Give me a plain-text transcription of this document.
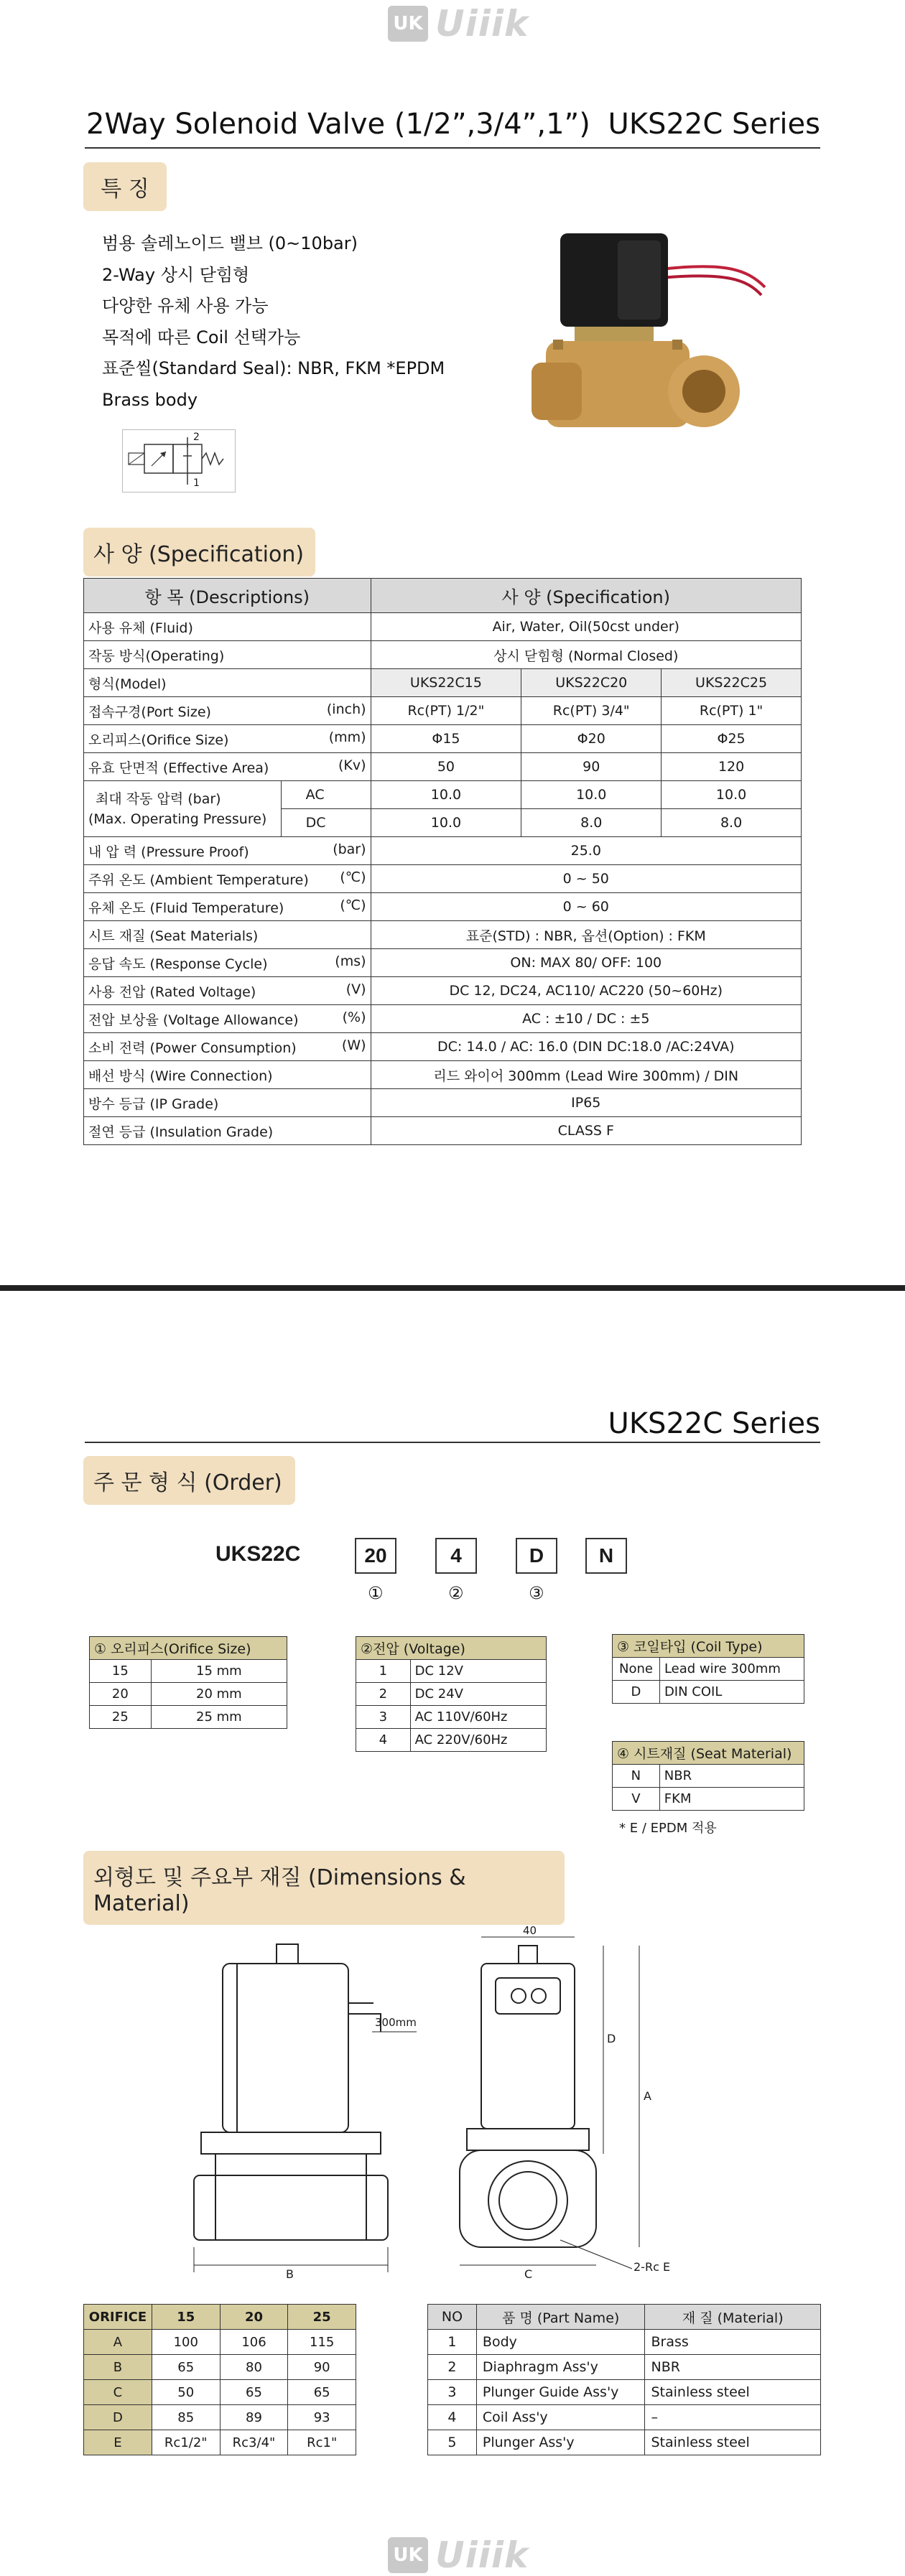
UK Uiiik
2Way Solenoid Valve (1/2”,3/4”,1”) UKS22C Series
특 징
범용 솔레노이드 밸브 (0~10bar)
2-Way 상시 닫힘형
다양한 유체 사용 가능
목적에 따른 Coil 선택가능
표준씰(Standard Seal): NBR, FKM *EPDM
Brass body
2
1
사 양 (Specification)
항 목 (Descriptions)		사 양 (Specification)		
사용 유체 (Fluid)		Air, Water, Oil(50cst under)		
작동 방식(Operating)		상시 닫힘형 (Normal Closed)		
형식(Model)		UKS22C15	UKS22C20	UKS22C25

접속구경(Port Size) (inch)		Rc(PT) 1/2"	Rc(PT) 3/4"	Rc(PT) 1"

오리피스(Orifice Size) (mm)		Φ15	Φ20	Φ25

유효 단면적 (Effective Area) (Kv)		50	90	120

최대 작동 압력 (bar)
(Max. Operating Pressure)	AC	10.0	10.0	10.0
	DC	10.0	8.0	8.0

내 압 력 (Pressure Proof) (bar)		25.0		

주위 온도 (Ambient Temperature) (℃)		0 ~ 50		

유체 온도 (Fluid Temperature) (℃)		0 ~ 60		
시트 재질 (Seat Materials)		표준(STD) : NBR, 옵션(Option) : FKM		

응답 속도 (Response Cycle) (ms)		ON: MAX 80/ OFF: 100		

사용 전압 (Rated Voltage) (V)		DC 12, DC24, AC110/ AC220 (50~60Hz)		

전압 보상율 (Voltage Allowance) (%)		AC : ±10 / DC : ±5		

소비 전력 (Power Consumption) (W)		DC: 14.0 / AC: 16.0 (DIN DC:18.0 /AC:24VA)		
배선 방식 (Wire Connection)		리드 와이어 300mm (Lead Wire 300mm) / DIN		
방수 등급 (IP Grade)		IP65		
절연 등급 (Insulation Grade)		CLASS F		
UKS22C Series
주 문 형 식 (Order)
UKS22C	20	4	D	N
①	②	③
① 오리피스(Orifice Size)	
15	15 mm
20	20 mm
25	25 mm
②전압 (Voltage)	
1	DC 12V
2	DC 24V
3	AC 110V/60Hz
4	AC 220V/60Hz
③ 코일타입 (Coil Type)	
None	Lead wire 300mm
D	DIN COIL
④ 시트재질 (Seat Material)	
N	NBR
V	FKM
* E / EPDM 적용
외형도 및 주요부 재질 (Dimensions & Material)
300mm
B
40
D
A
C
2-Rc E
ORIFICE	15	20	25
A	100	106	115
B	65	80	90
C	50	65	65
D	85	89	93
E	Rc1/2"	Rc3/4"	Rc1"
NO	품 명 (Part Name)	재 질 (Material)
1	Body	Brass
2	Diaphragm Ass'y	NBR
3	Plunger Guide Ass'y	Stainless steel
4	Coil Ass'y	–
5	Plunger Ass'y	Stainless steel
UK Uiiik
